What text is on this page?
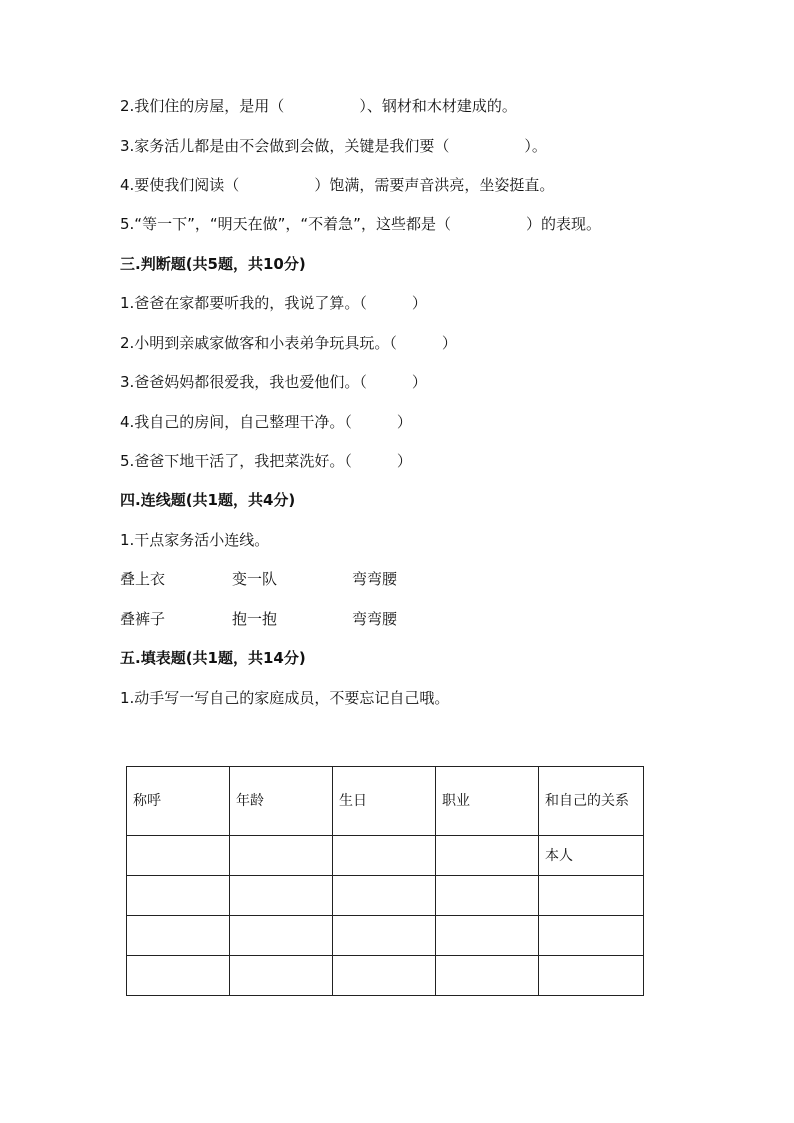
2.我们住的房屋，是用（　　　　　）、钢材和木材建成的。
3.家务活儿都是由不会做到会做，关键是我们要（　　　　　）。
4.要使我们阅读（　　　　　）饱满，需要声音洪亮，坐姿挺直。
5.“等一下”，“明天在做”，“不着急”，这些都是（　　　　　）的表现。
三.判断题(共5题，共10分)
1.爸爸在家都要听我的，我说了算。（　　　）
2.小明到亲戚家做客和小表弟争玩具玩。（　　　）
3.爸爸妈妈都很爱我，我也爱他们。（　　　）
4.我自己的房间，自己整理干净。（　　　）
5.爸爸下地干活了，我把菜洗好。（　　　）
四.连线题(共1题，共4分)
1.干点家务活小连线。
叠上衣	变一队	弯弯腰
叠裤子	抱一抱	弯弯腰
五.填表题(共1题，共14分)
1.动手写一写自己的家庭成员，不要忘记自己哦。
称呼	年龄	生日	职业	和自己的关系

				本人
